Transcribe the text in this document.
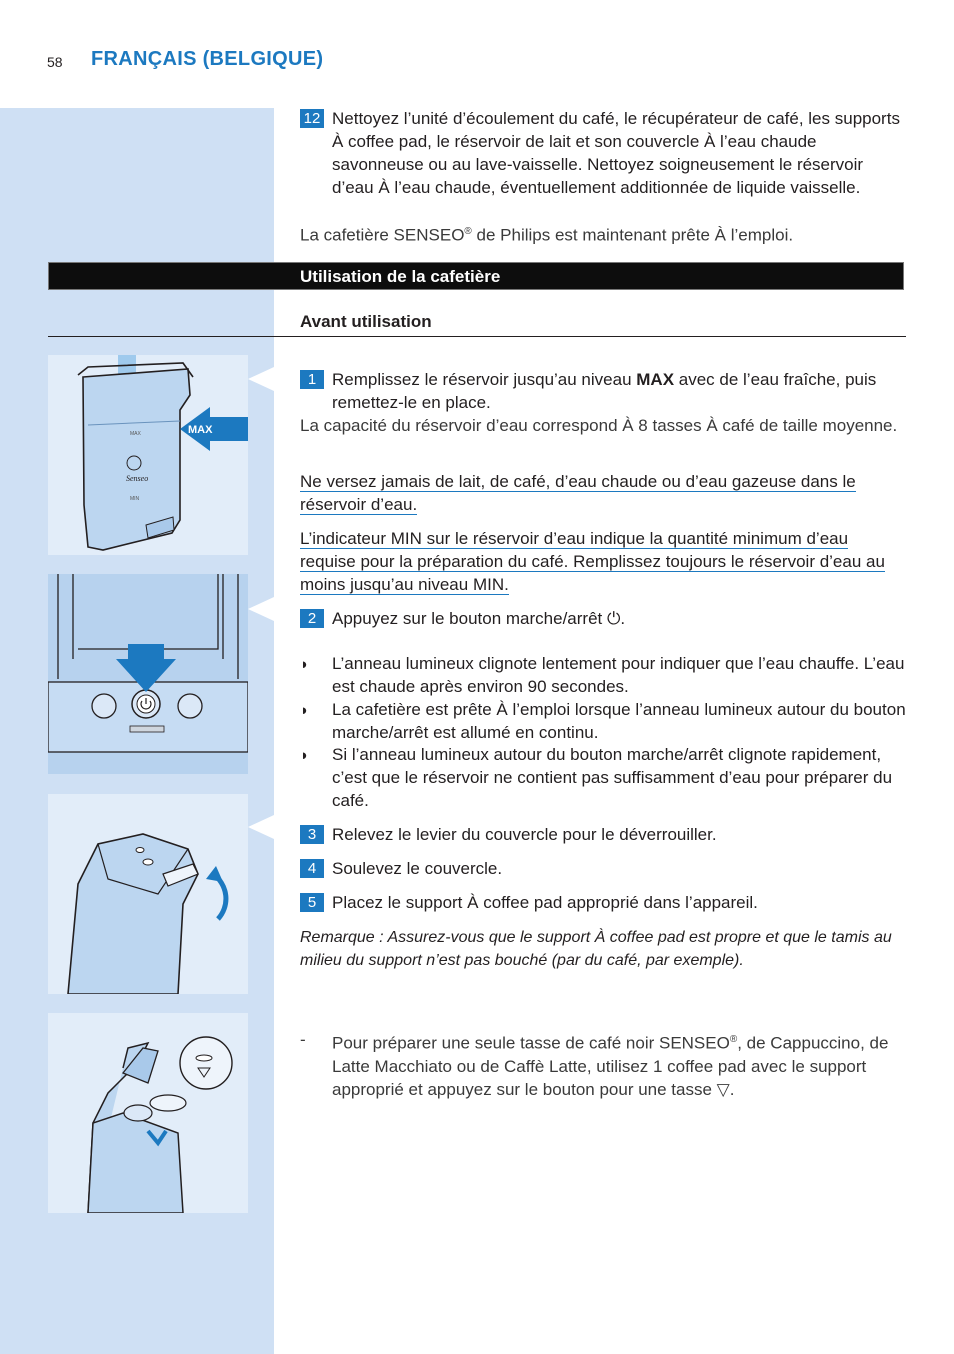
58 FRANÇAIS (BELGIQUE)
12 Nettoyez l’unité d’écoulement du café, le récupérateur de café, les supports À coffee pad, le réservoir de lait et son couvercle À l’eau chaude savonneuse ou au lave-vaisselle. Nettoyez soigneusement le réservoir d’eau À l’eau chaude, éventuellement additionnée de liquide vaisselle.
La cafetière SENSEO® de Philips est maintenant prête À l’emploi.
Utilisation de la cafetière
Avant utilisation
1 Remplissez le réservoir jusqu’au niveau MAX avec de l’eau fraîche, puis remettez-le en place.
La capacité du réservoir d’eau correspond À 8 tasses À café de taille moyenne.
Ne versez jamais de lait, de café, d’eau chaude ou d’eau gazeuse dans le réservoir d’eau.
L’indicateur MIN sur le réservoir d’eau indique la quantité minimum d’eau requise pour la préparation du café. Remplissez toujours le réservoir d’eau au moins jusqu’au niveau MIN.
2 Appuyez sur le bouton marche/arrêt ⏻.
◗ L’anneau lumineux clignote lentement pour indiquer que l’eau chauffe. L’eau est chaude après environ 90 secondes.
◗ La cafetière est prête À l’emploi lorsque l’anneau lumineux autour du bouton marche/arrêt est allumé en continu.
◗ Si l’anneau lumineux autour du bouton marche/arrêt clignote rapidement, c’est que le réservoir ne contient pas suffisamment d’eau pour préparer du café.
3 Relevez le levier du couvercle pour le déverrouiller.
4 Soulevez le couvercle.
5 Placez le support À coffee pad approprié dans l’appareil.
Remarque : Assurez-vous que le support À coffee pad est propre et que le tamis au milieu du support n’est pas bouché (par du café, par exemple).
- Pour préparer une seule tasse de café noir SENSEO®, de Cappuccino, de Latte Macchiato ou de Caffè Latte, utilisez 1 coffee pad avec le support approprié et appuyez sur le bouton pour une tasse ▽.
Senseo
MAX
MIN
MAX
